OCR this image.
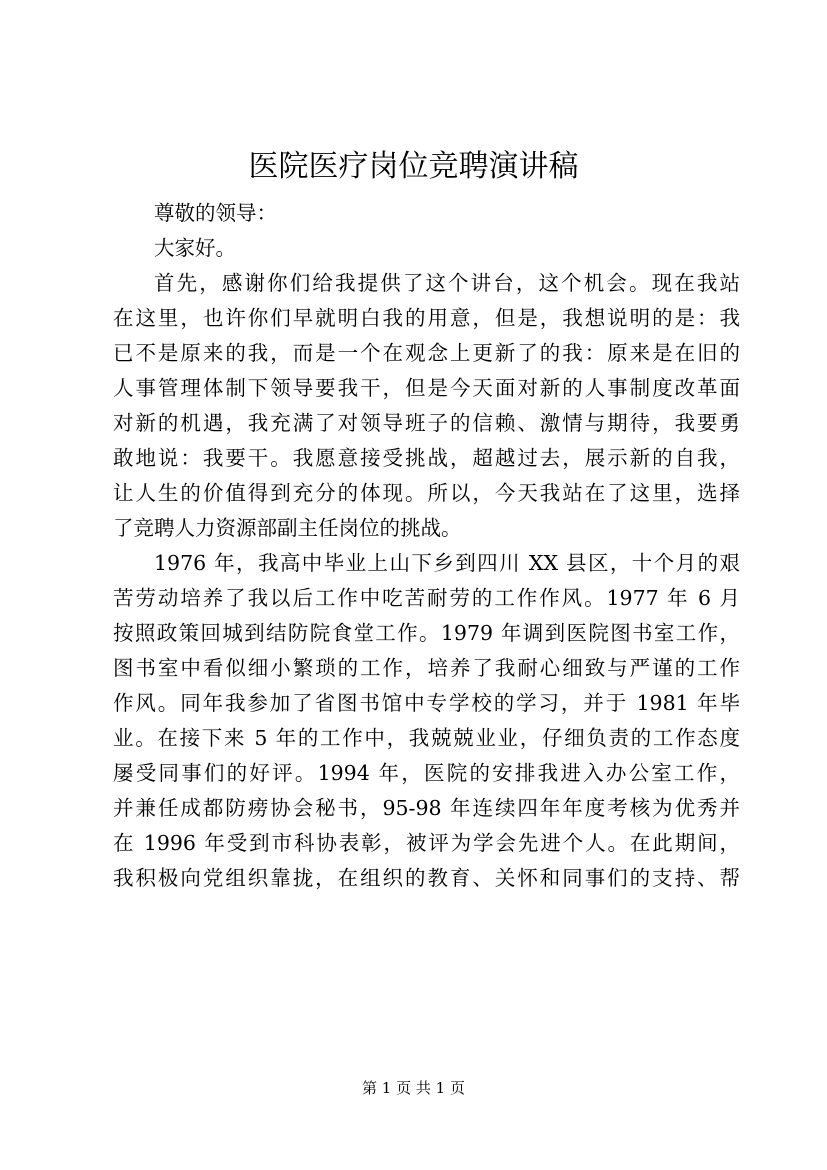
医院医疗岗位竞聘演讲稿
尊敬的领导：
大家好。
首先，感谢你们给我提供了这个讲台，这个机会。现在我站
在这里，也许你们早就明白我的用意，但是，我想说明的是：我
已不是原来的我，而是一个在观念上更新了的我：原来是在旧的
人事管理体制下领导要我干，但是今天面对新的人事制度改革面
对新的机遇，我充满了对领导班子的信赖、激情与期待，我要勇
敢地说：我要干。我愿意接受挑战，超越过去，展示新的自我，
让人生的价值得到充分的体现。所以，今天我站在了这里，选择
了竞聘人力资源部副主任岗位的挑战。
1976 年，我高中毕业上山下乡到四川 XX 县区，十个月的艰
苦劳动培养了我以后工作中吃苦耐劳的工作作风。1977 年 6 月
按照政策回城到结防院食堂工作。1979 年调到医院图书室工作，
图书室中看似细小繁琐的工作，培养了我耐心细致与严谨的工作
作风。同年我参加了省图书馆中专学校的学习，并于 1981 年毕
业。在接下来 5 年的工作中，我兢兢业业，仔细负责的工作态度
屡受同事们的好评。1994 年，医院的安排我进入办公室工作，
并兼任成都防痨协会秘书，95-98 年连续四年年度考核为优秀并
在 1996 年受到市科协表彰，被评为学会先进个人。在此期间，
我积极向党组织靠拢，在组织的教育、关怀和同事们的支持、帮
第 1 页 共 1 页
